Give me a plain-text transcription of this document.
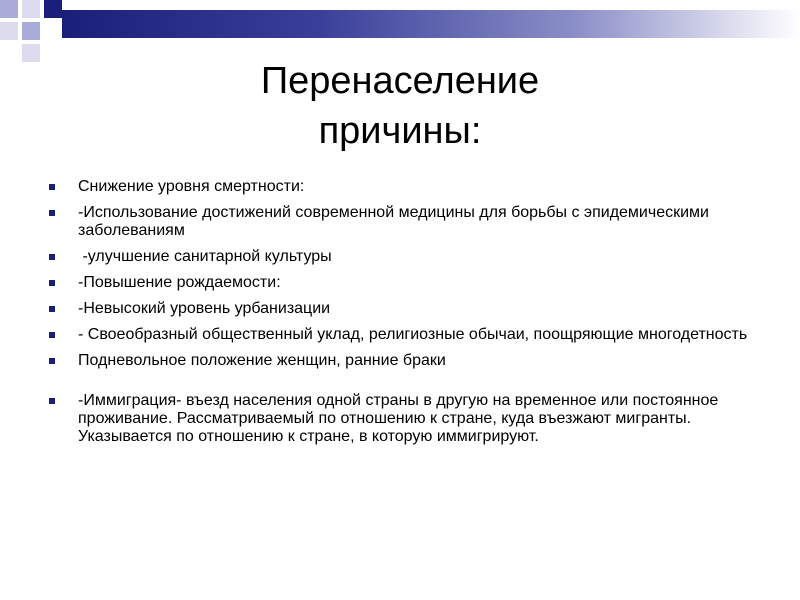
Перенаселение
причины:
Снижение уровня смертности:
-Использование достижений современной медицины для борьбы с эпидемическими заболеваниям
-улучшение санитарной культуры
-Повышение рождаемости:
-Невысокий уровень урбанизации
- Своеобразный общественный уклад, религиозные обычаи, поощряющие многодетность
Подневольное положение женщин, ранние браки
-Иммиграция- въезд населения одной страны в другую на временное или постоянное проживание. Рассматриваемый по отношению к стране, куда въезжают мигранты. Указывается по отношению к стране, в которую иммигрируют.
